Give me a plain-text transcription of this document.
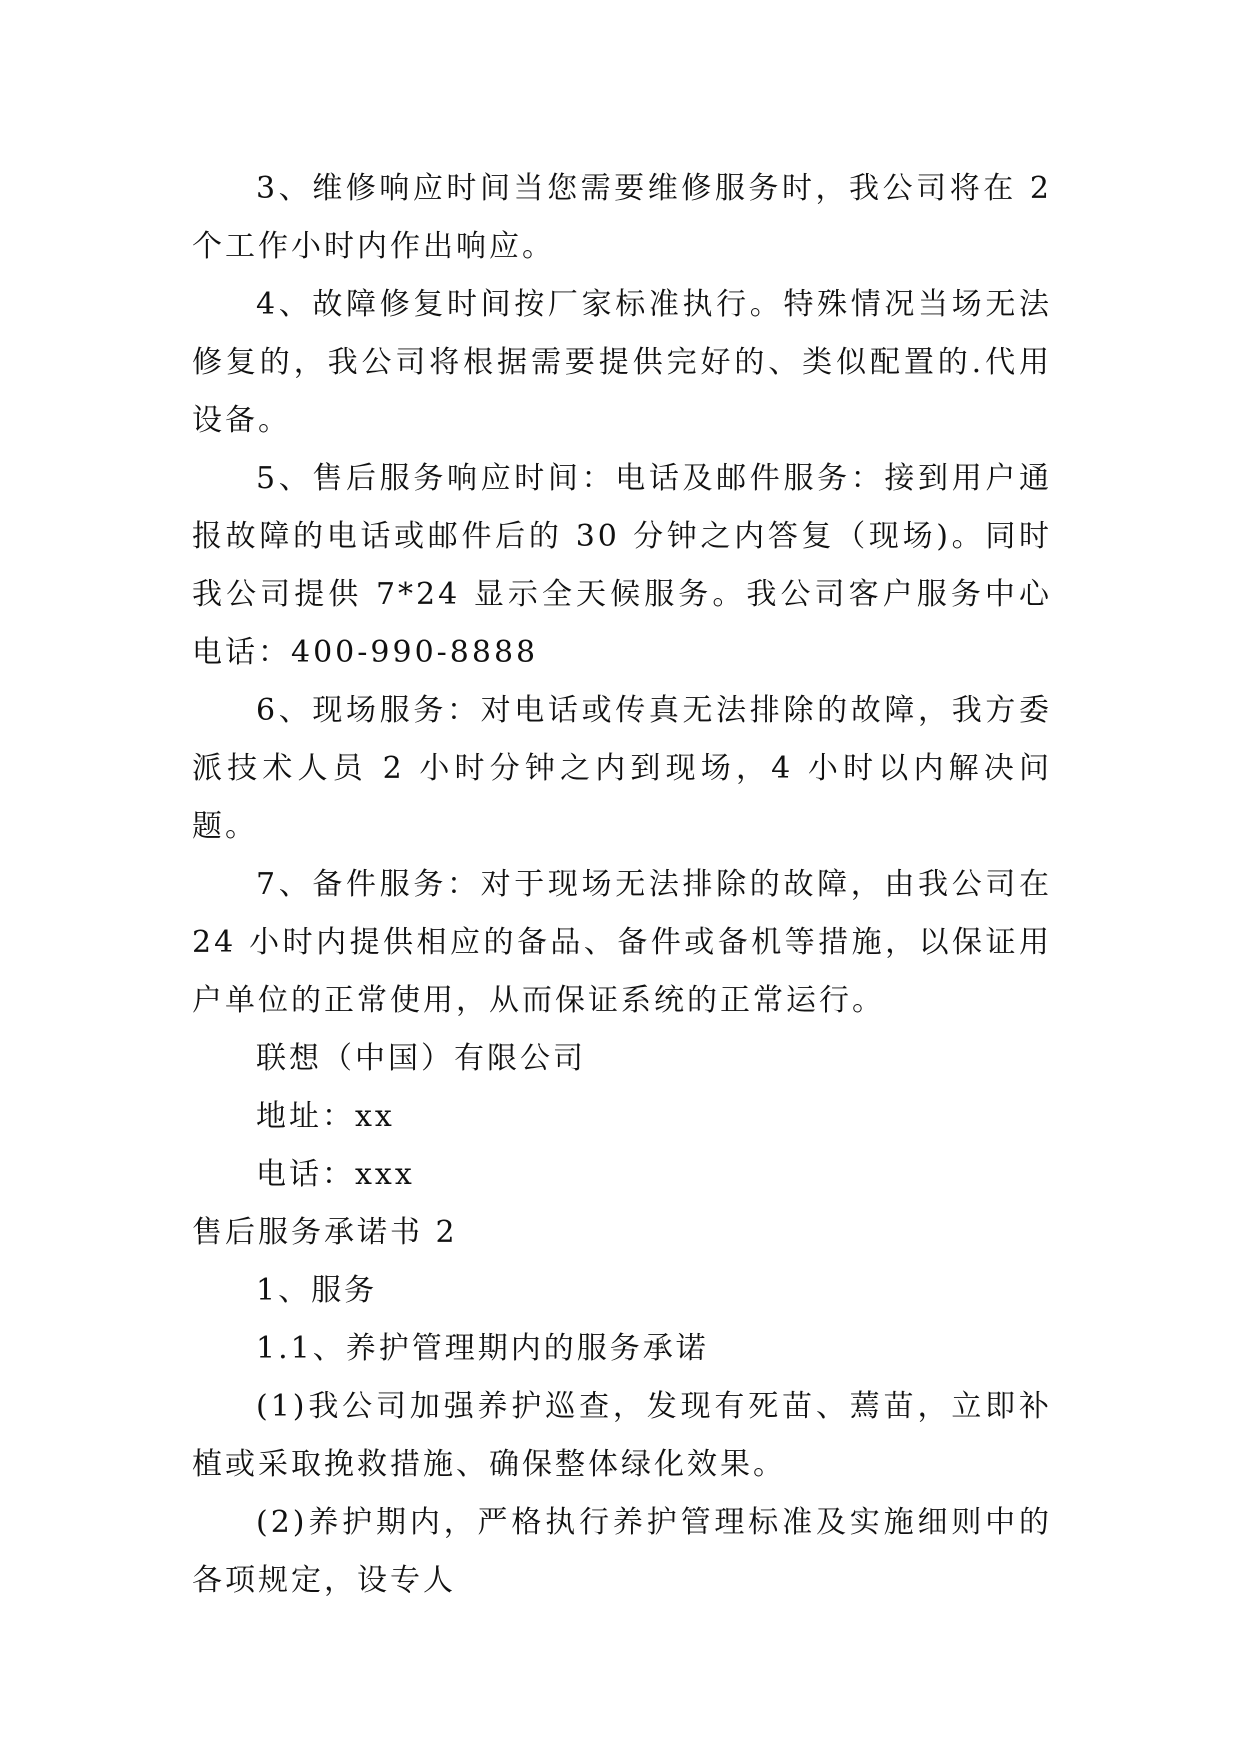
3、维修响应时间当您需要维修服务时，我公司将在 2 个工作小时内作出响应。

4、故障修复时间按厂家标准执行。特殊情况当场无法修复的，我公司将根据需要提供完好的、类似配置的.代用设备。

5、售后服务响应时间：电话及邮件服务：接到用户通报故障的电话或邮件后的 30 分钟之内答复（现场)。同时我公司提供 7*24 显示全天候服务。我公司客户服务中心电话：400-990-8888

6、现场服务：对电话或传真无法排除的故障，我方委派技术人员 2 小时分钟之内到现场，4 小时以内解决问题。

7、备件服务：对于现场无法排除的故障，由我公司在 24 小时内提供相应的备品、备件或备机等措施，以保证用户单位的正常使用，从而保证系统的正常运行。

联想（中国）有限公司

地址：xx

电话：xxx

售后服务承诺书 2

1、服务

1.1、养护管理期内的服务承诺

(1)我公司加强养护巡查，发现有死苗、蔫苗，立即补植或采取挽救措施、确保整体绿化效果。

(2)养护期内，严格执行养护管理标准及实施细则中的各项规定，设专人
